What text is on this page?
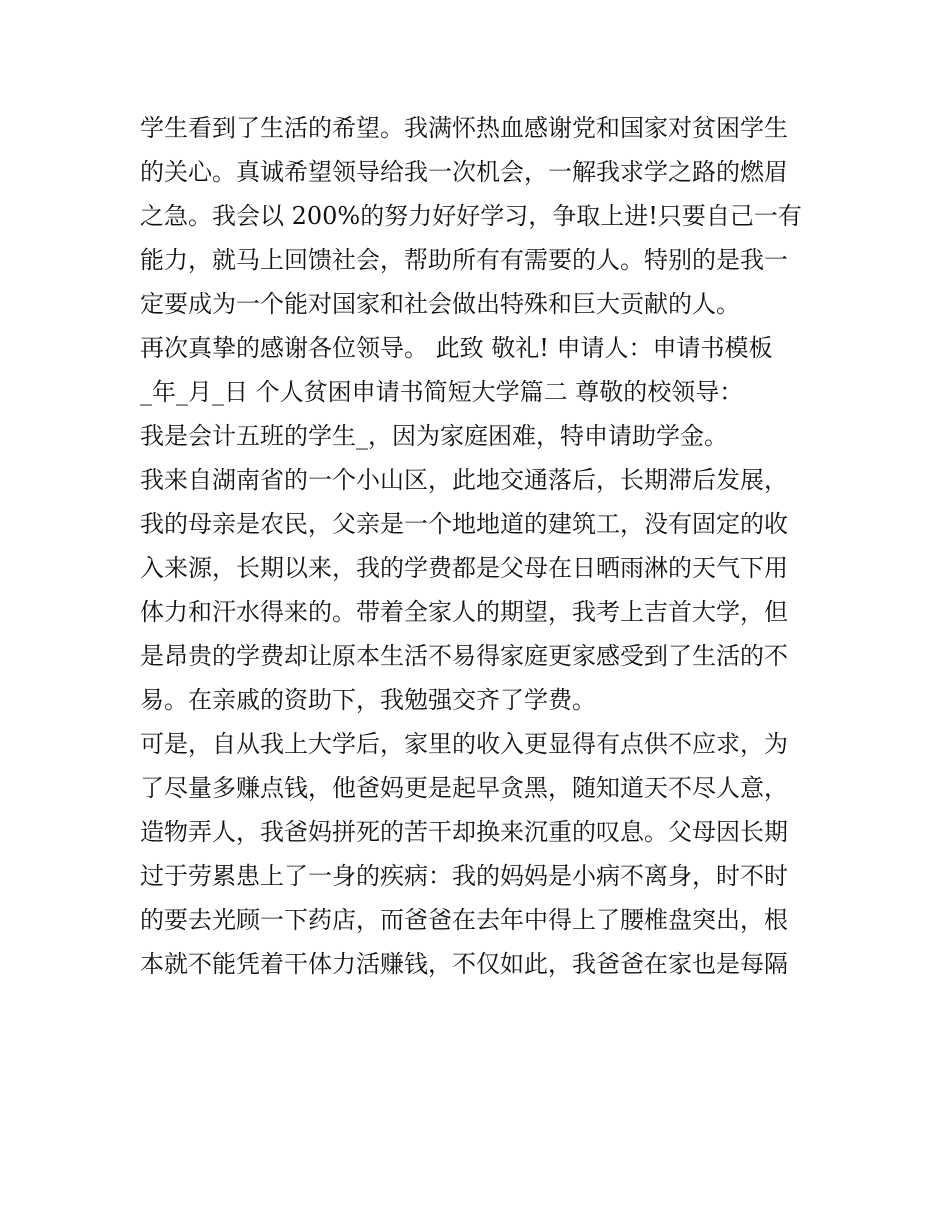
学生看到了生活的希望。我满怀热血感谢党和国家对贫困学生
的关心。真诚希望领导给我一次机会，一解我求学之路的燃眉
之急。我会以 200%的努力好好学习，争取上进!只要自己一有
能力，就马上回馈社会，帮助所有有需要的人。特别的是我一
定要成为一个能对国家和社会做出特殊和巨大贡献的人。
再次真挚的感谢各位领导。 此致 敬礼! 申请人：申请书模板
_年_月_日 个人贫困申请书简短大学篇二 尊敬的校领导：
我是会计五班的学生_，因为家庭困难，特申请助学金。
我来自湖南省的一个小山区，此地交通落后，长期滞后发展，
我的母亲是农民，父亲是一个地地道的建筑工，没有固定的收
入来源，长期以来，我的学费都是父母在日晒雨淋的天气下用
体力和汗水得来的。带着全家人的期望，我考上吉首大学，但
是昂贵的学费却让原本生活不易得家庭更家感受到了生活的不
易。在亲戚的资助下，我勉强交齐了学费。
可是，自从我上大学后，家里的收入更显得有点供不应求，为
了尽量多赚点钱，他爸妈更是起早贪黑，随知道天不尽人意，
造物弄人，我爸妈拼死的苦干却换来沉重的叹息。父母因长期
过于劳累患上了一身的疾病：我的妈妈是小病不离身，时不时
的要去光顾一下药店，而爸爸在去年中得上了腰椎盘突出，根
本就不能凭着干体力活赚钱，不仅如此，我爸爸在家也是每隔
